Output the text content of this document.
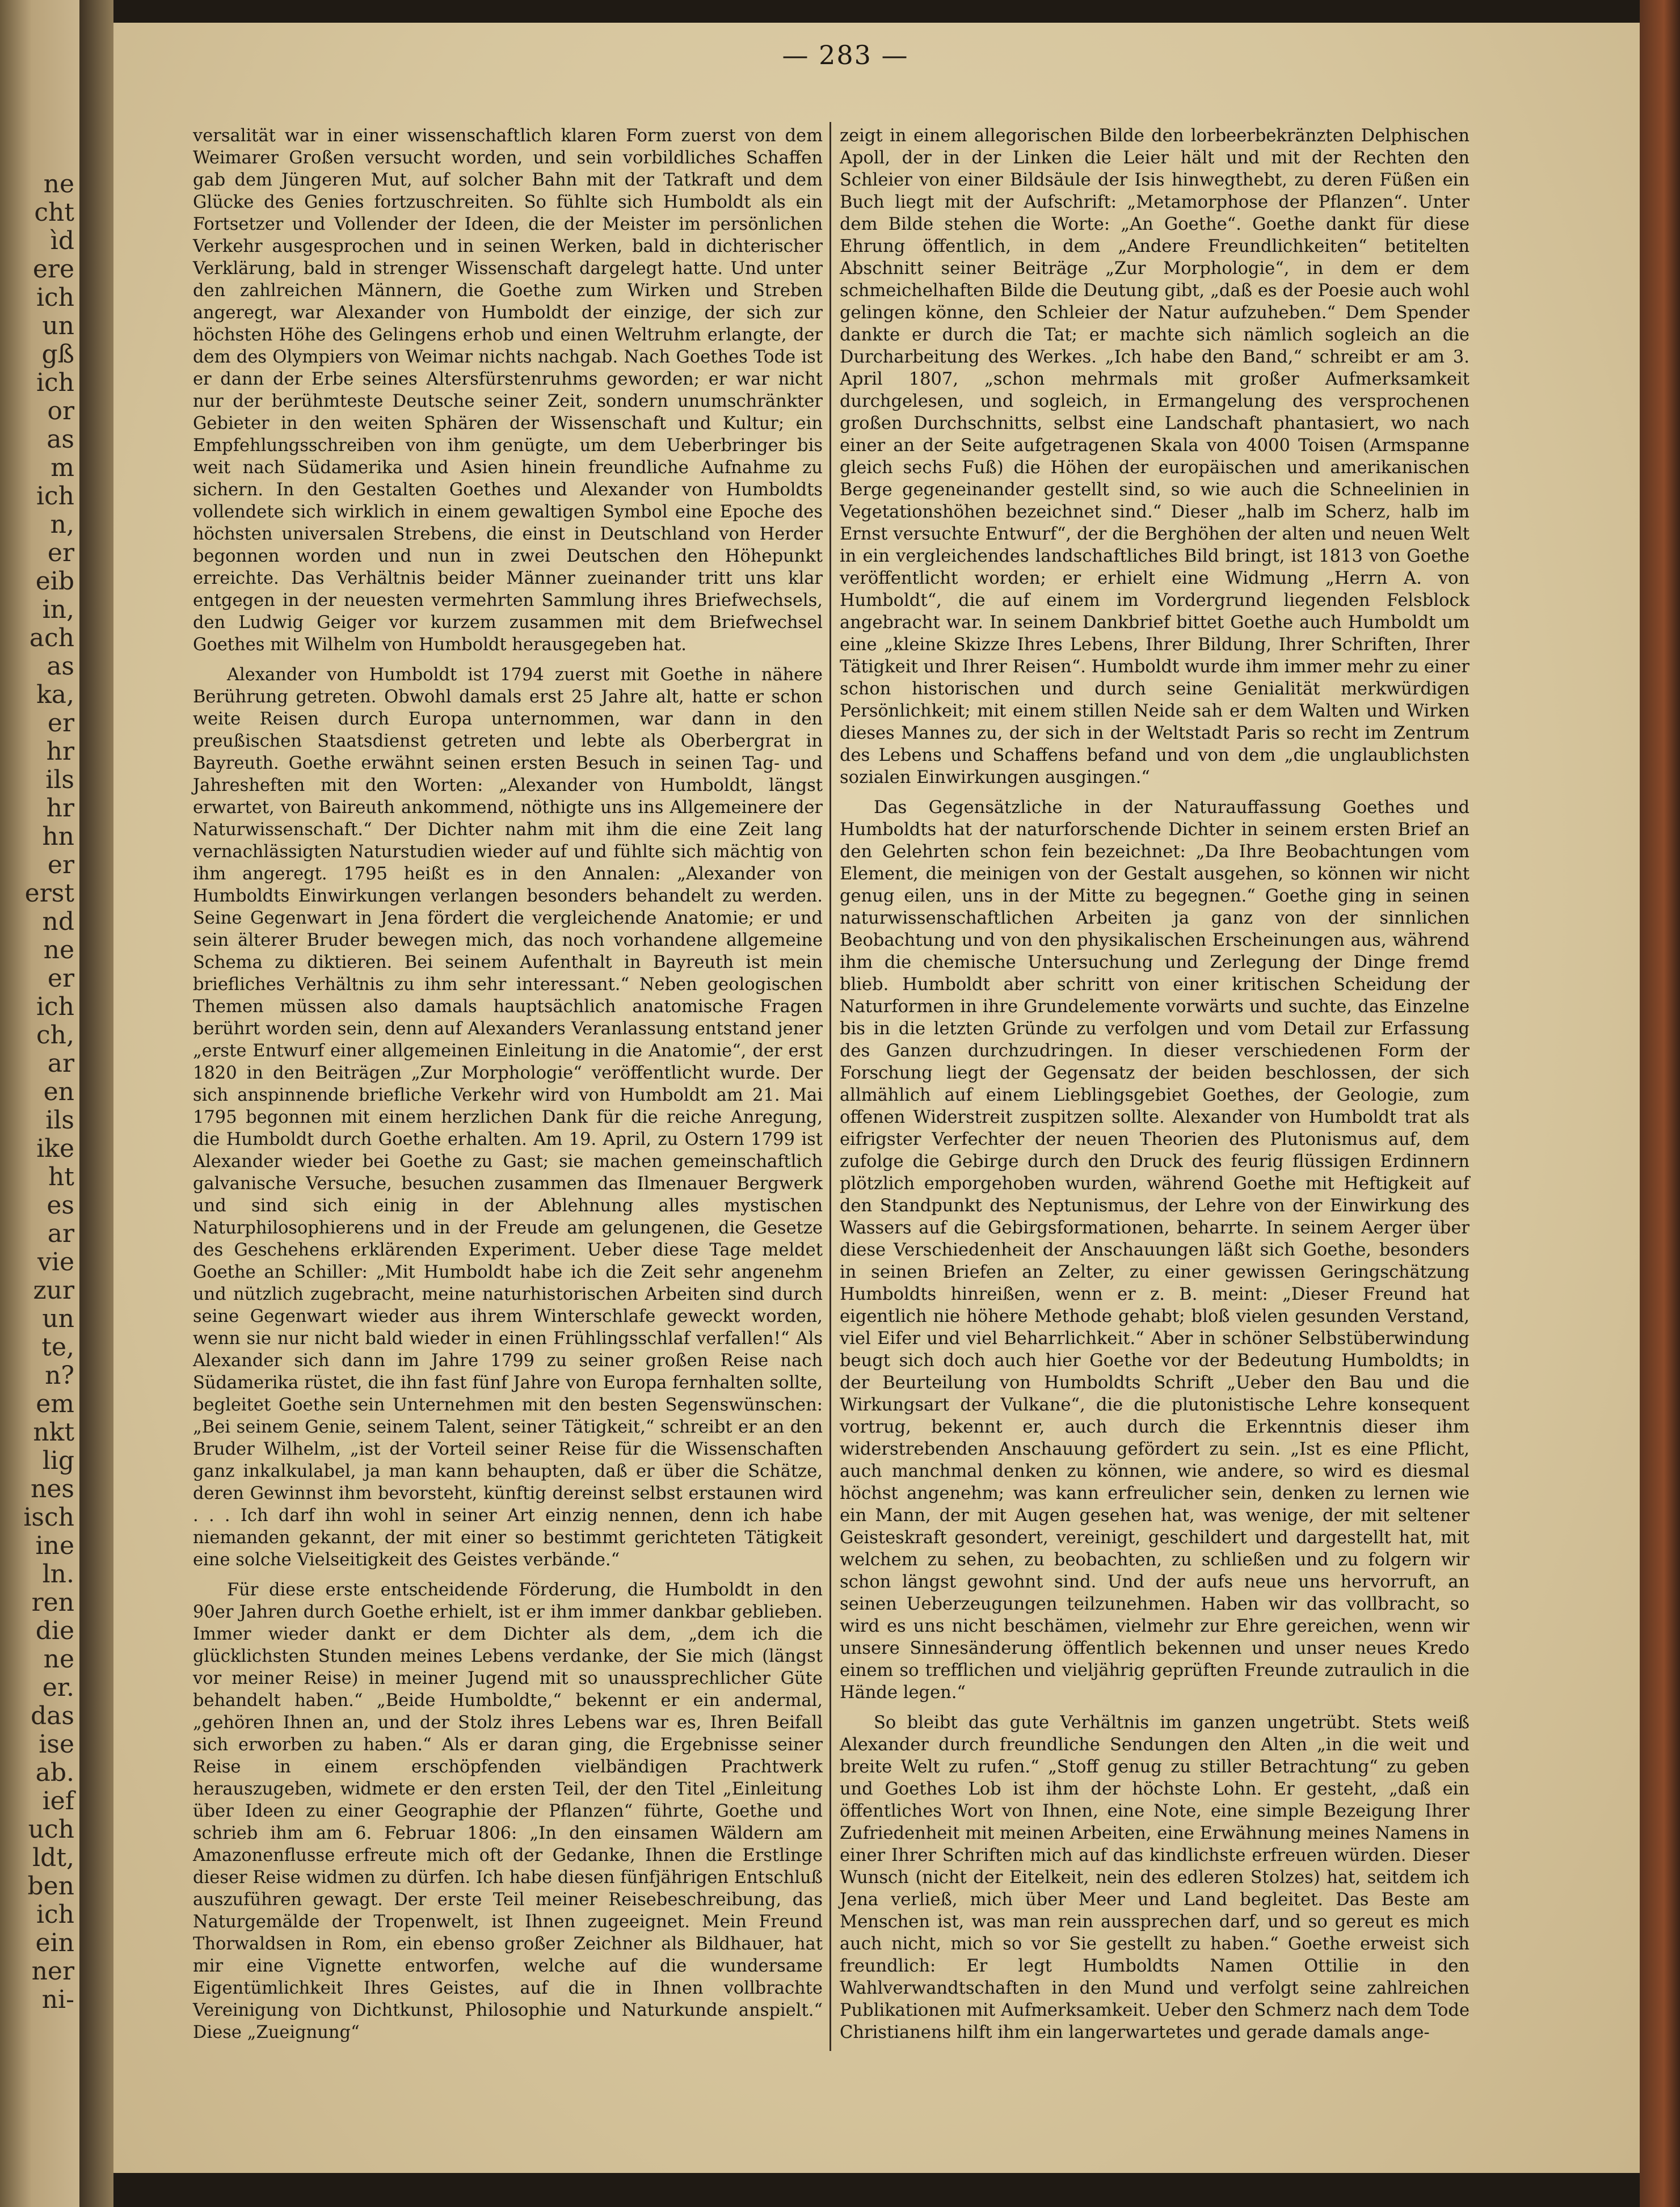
ne
cht
ìd
ere
ich
un
gß
ich
or
as
m
ich
n,
er
eib
in,
ach
as
ka,
er
hr
ils
hr
hn
er
erst
nd
ne
er
ich
ch,
ar
en
ils
ike
ht
es
ar
vie
zur
un
te,
n?
em
nkt
lig
nes
isch
ine
ln.
ren
die
ne
er.
das
ise
ab.
ief
uch
ldt,
ben
ich
ein
ner
ni-
— 283 —

versalität war in einer wissenschaftlich klaren Form zuerst von dem Weimarer Großen versucht worden, und sein vorbildliches Schaffen gab dem Jüngeren Mut, auf solcher Bahn mit der Tatkraft und dem Glücke des Genies fortzuschreiten. So fühlte sich Humboldt als ein Fortsetzer und Vollender der Ideen, die der Meister im persönlichen Verkehr ausgesprochen und in seinen Werken, bald in dichterischer Verklärung, bald in strenger Wissenschaft dargelegt hatte. Und unter den zahlreichen Männern, die Goethe zum Wirken und Streben angeregt, war Alexander von Humboldt der einzige, der sich zur höchsten Höhe des Gelingens erhob und einen Weltruhm erlangte, der dem des Olympiers von Weimar nichts nachgab. Nach Goethes Tode ist er dann der Erbe seines Altersfürstenruhms geworden; er war nicht nur der berühmteste Deutsche seiner Zeit, sondern unumschränkter Gebieter in den weiten Sphären der Wissenschaft und Kultur; ein Empfehlungsschreiben von ihm genügte, um dem Ueberbringer bis weit nach Südamerika und Asien hinein freundliche Aufnahme zu sichern. In den Gestalten Goethes und Alexander von Humboldts vollendete sich wirklich in einem gewaltigen Symbol eine Epoche des höchsten universalen Strebens, die einst in Deutschland von Herder begonnen worden und nun in zwei Deutschen den Höhepunkt erreichte. Das Verhältnis beider Männer zueinander tritt uns klar entgegen in der neuesten vermehrten Sammlung ihres Briefwechsels, den Ludwig Geiger vor kurzem zusammen mit dem Briefwechsel Goethes mit Wilhelm von Humboldt herausgegeben hat.

Alexander von Humboldt ist 1794 zuerst mit Goethe in nähere Berührung getreten. Obwohl damals erst 25 Jahre alt, hatte er schon weite Reisen durch Europa unternommen, war dann in den preußischen Staatsdienst getreten und lebte als Oberbergrat in Bayreuth. Goethe erwähnt seinen ersten Besuch in seinen Tag- und Jahresheften mit den Worten: „Alexander von Humboldt, längst erwartet, von Baireuth ankommend, nöthigte uns ins Allgemeinere der Naturwissenschaft.“ Der Dichter nahm mit ihm die eine Zeit lang vernachlässigten Naturstudien wieder auf und fühlte sich mächtig von ihm angeregt. 1795 heißt es in den Annalen: „Alexander von Humboldts Einwirkungen verlangen besonders behandelt zu werden. Seine Gegenwart in Jena fördert die vergleichende Anatomie; er und sein älterer Bruder bewegen mich, das noch vorhandene allgemeine Schema zu diktieren. Bei seinem Aufenthalt in Bayreuth ist mein briefliches Verhältnis zu ihm sehr interessant.“ Neben geologischen Themen müssen also damals hauptsächlich anatomische Fragen berührt worden sein, denn auf Alexanders Veranlassung entstand jener „erste Entwurf einer allgemeinen Einleitung in die Anatomie“, der erst 1820 in den Beiträgen „Zur Morphologie“ veröffentlicht wurde. Der sich anspinnende briefliche Verkehr wird von Humboldt am 21. Mai 1795 begonnen mit einem herzlichen Dank für die reiche Anregung, die Humboldt durch Goethe erhalten. Am 19. April, zu Ostern 1799 ist Alexander wieder bei Goethe zu Gast; sie machen gemeinschaftlich galvanische Versuche, besuchen zusammen das Ilmenauer Bergwerk und sind sich einig in der Ablehnung alles mystischen Naturphilosophierens und in der Freude am gelungenen, die Gesetze des Geschehens erklärenden Experiment. Ueber diese Tage meldet Goethe an Schiller: „Mit Humboldt habe ich die Zeit sehr angenehm und nützlich zugebracht, meine naturhistorischen Arbeiten sind durch seine Gegenwart wieder aus ihrem Winterschlafe geweckt worden, wenn sie nur nicht bald wieder in einen Frühlingsschlaf verfallen!“ Als Alexander sich dann im Jahre 1799 zu seiner großen Reise nach Südamerika rüstet, die ihn fast fünf Jahre von Europa fernhalten sollte, begleitet Goethe sein Unternehmen mit den besten Segenswünschen: „Bei seinem Genie, seinem Talent, seiner Tätigkeit,“ schreibt er an den Bruder Wilhelm, „ist der Vorteil seiner Reise für die Wissenschaften ganz inkalkulabel, ja man kann behaupten, daß er über die Schätze, deren Gewinnst ihm bevorsteht, künftig dereinst selbst erstaunen wird . . . Ich darf ihn wohl in seiner Art einzig nennen, denn ich habe niemanden gekannt, der mit einer so bestimmt gerichteten Tätigkeit eine solche Vielseitigkeit des Geistes verbände.“

Für diese erste entscheidende Förderung, die Humboldt in den 90er Jahren durch Goethe erhielt, ist er ihm immer dankbar geblieben. Immer wieder dankt er dem Dichter als dem, „dem ich die glücklichsten Stunden meines Lebens verdanke, der Sie mich (längst vor meiner Reise) in meiner Jugend mit so unaussprechlicher Güte behandelt haben.“ „Beide Humboldte,“ bekennt er ein andermal, „gehören Ihnen an, und der Stolz ihres Lebens war es, Ihren Beifall sich erworben zu haben.“ Als er daran ging, die Ergebnisse seiner Reise in einem erschöpfenden vielbändigen Prachtwerk herauszugeben, widmete er den ersten Teil, der den Titel „Einleitung über Ideen zu einer Geographie der Pflanzen“ führte, Goethe und schrieb ihm am 6. Februar 1806: „In den einsamen Wäldern am Amazonenflusse erfreute mich oft der Gedanke, Ihnen die Erstlinge dieser Reise widmen zu dürfen. Ich habe diesen fünfjährigen Entschluß auszuführen gewagt. Der erste Teil meiner Reisebeschreibung, das Naturgemälde der Tropenwelt, ist Ihnen zugeeignet. Mein Freund Thorwaldsen in Rom, ein ebenso großer Zeichner als Bildhauer, hat mir eine Vignette entworfen, welche auf die wundersame Eigentümlichkeit Ihres Geistes, auf die in Ihnen vollbrachte Vereinigung von Dichtkunst, Philosophie und Naturkunde anspielt.“ Diese „Zueignung“

zeigt in einem allegorischen Bilde den lorbeerbekränzten Delphischen Apoll, der in der Linken die Leier hält und mit der Rechten den Schleier von einer Bildsäule der Isis hinwegthebt, zu deren Füßen ein Buch liegt mit der Aufschrift: „Metamorphose der Pflanzen“. Unter dem Bilde stehen die Worte: „An Goethe“. Goethe dankt für diese Ehrung öffentlich, in dem „Andere Freundlichkeiten“ betitelten Abschnitt seiner Beiträge „Zur Morphologie“, in dem er dem schmeichelhaften Bilde die Deutung gibt, „daß es der Poesie auch wohl gelingen könne, den Schleier der Natur aufzuheben.“ Dem Spender dankte er durch die Tat; er machte sich nämlich sogleich an die Durcharbeitung des Werkes. „Ich habe den Band,“ schreibt er am 3. April 1807, „schon mehrmals mit großer Aufmerksamkeit durchgelesen, und sogleich, in Ermangelung des versprochenen großen Durchschnitts, selbst eine Landschaft phantasiert, wo nach einer an der Seite aufgetragenen Skala von 4000 Toisen (Armspanne gleich sechs Fuß) die Höhen der europäischen und amerikanischen Berge gegeneinander gestellt sind, so wie auch die Schneelinien in Vegetationshöhen bezeichnet sind.“ Dieser „halb im Scherz, halb im Ernst versuchte Entwurf“, der die Berghöhen der alten und neuen Welt in ein vergleichendes landschaftliches Bild bringt, ist 1813 von Goethe veröffentlicht worden; er erhielt eine Widmung „Herrn A. von Humboldt“, die auf einem im Vordergrund liegenden Felsblock angebracht war. In seinem Dankbrief bittet Goethe auch Humboldt um eine „kleine Skizze Ihres Lebens, Ihrer Bildung, Ihrer Schriften, Ihrer Tätigkeit und Ihrer Reisen“. Humboldt wurde ihm immer mehr zu einer schon historischen und durch seine Genialität merkwürdigen Persönlichkeit; mit einem stillen Neide sah er dem Walten und Wirken dieses Mannes zu, der sich in der Weltstadt Paris so recht im Zentrum des Lebens und Schaffens befand und von dem „die unglaublichsten sozialen Einwirkungen ausgingen.“

Das Gegensätzliche in der Naturauffassung Goethes und Humboldts hat der naturforschende Dichter in seinem ersten Brief an den Gelehrten schon fein bezeichnet: „Da Ihre Beobachtungen vom Element, die meinigen von der Gestalt ausgehen, so können wir nicht genug eilen, uns in der Mitte zu begegnen.“ Goethe ging in seinen naturwissenschaftlichen Arbeiten ja ganz von der sinnlichen Beobachtung und von den physikalischen Erscheinungen aus, während ihm die chemische Untersuchung und Zerlegung der Dinge fremd blieb. Humboldt aber schritt von einer kritischen Scheidung der Naturformen in ihre Grundelemente vorwärts und suchte, das Einzelne bis in die letzten Gründe zu verfolgen und vom Detail zur Erfassung des Ganzen durchzudringen. In dieser verschiedenen Form der Forschung liegt der Gegensatz der beiden beschlossen, der sich allmählich auf einem Lieblingsgebiet Goethes, der Geologie, zum offenen Widerstreit zuspitzen sollte. Alexander von Humboldt trat als eifrigster Verfechter der neuen Theorien des Plutonismus auf, dem zufolge die Gebirge durch den Druck des feurig flüssigen Erdinnern plötzlich emporgehoben wurden, während Goethe mit Heftigkeit auf den Standpunkt des Neptunismus, der Lehre von der Einwirkung des Wassers auf die Gebirgsformationen, beharrte. In seinem Aerger über diese Verschiedenheit der Anschauungen läßt sich Goethe, besonders in seinen Briefen an Zelter, zu einer gewissen Geringschätzung Humboldts hinreißen, wenn er z. B. meint: „Dieser Freund hat eigentlich nie höhere Methode gehabt; bloß vielen gesunden Verstand, viel Eifer und viel Beharrlichkeit.“ Aber in schöner Selbstüberwindung beugt sich doch auch hier Goethe vor der Bedeutung Humboldts; in der Beurteilung von Humboldts Schrift „Ueber den Bau und die Wirkungsart der Vulkane“, die die plutonistische Lehre konsequent vortrug, bekennt er, auch durch die Erkenntnis dieser ihm widerstrebenden Anschauung gefördert zu sein. „Ist es eine Pflicht, auch manchmal denken zu können, wie andere, so wird es diesmal höchst angenehm; was kann erfreulicher sein, denken zu lernen wie ein Mann, der mit Augen gesehen hat, was wenige, der mit seltener Geisteskraft gesondert, vereinigt, geschildert und dargestellt hat, mit welchem zu sehen, zu beobachten, zu schließen und zu folgern wir schon längst gewohnt sind. Und der aufs neue uns hervorruft, an seinen Ueberzeugungen teilzunehmen. Haben wir das vollbracht, so wird es uns nicht beschämen, vielmehr zur Ehre gereichen, wenn wir unsere Sinnesänderung öffentlich bekennen und unser neues Kredo einem so trefflichen und vieljährig geprüften Freunde zutraulich in die Hände legen.“

So bleibt das gute Verhältnis im ganzen ungetrübt. Stets weiß Alexander durch freundliche Sendungen den Alten „in die weit und breite Welt zu rufen.“ „Stoff genug zu stiller Betrachtung“ zu geben und Goethes Lob ist ihm der höchste Lohn. Er gesteht, „daß ein öffentliches Wort von Ihnen, eine Note, eine simple Bezeigung Ihrer Zufriedenheit mit meinen Arbeiten, eine Erwähnung meines Namens in einer Ihrer Schriften mich auf das kindlichste erfreuen würden. Dieser Wunsch (nicht der Eitelkeit, nein des edleren Stolzes) hat, seitdem ich Jena verließ, mich über Meer und Land begleitet. Das Beste am Menschen ist, was man rein aussprechen darf, und so gereut es mich auch nicht, mich so vor Sie gestellt zu haben.“ Goethe erweist sich freundlich: Er legt Humboldts Namen Ottilie in den Wahlverwandtschaften in den Mund und verfolgt seine zahlreichen Publikationen mit Aufmerksamkeit. Ueber den Schmerz nach dem Tode Christianens hilft ihm ein langerwartetes und gerade damals ange-
